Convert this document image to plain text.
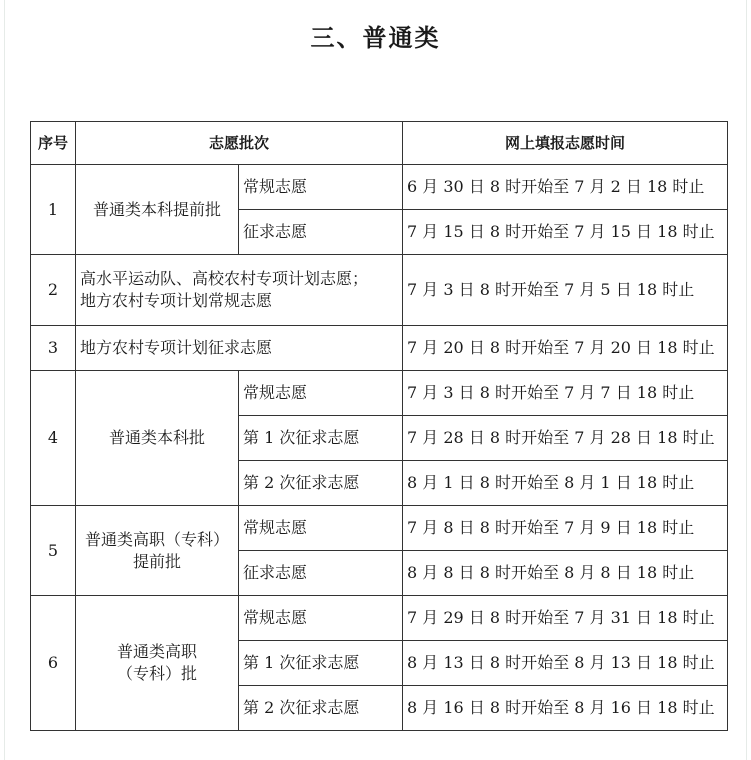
三、普通类
序号	志愿批次		网上填报志愿时间
1	普通类本科提前批	常规志愿	6 月 30 日 8 时开始至 7 月 2 日 18 时止
		征求志愿	7 月 15 日 8 时开始至 7 月 15 日 18 时止
2	高水平运动队、高校农村专项计划志愿；
地方农村专项计划常规志愿		7 月 3 日 8 时开始至 7 月 5 日 18 时止
3	地方农村专项计划征求志愿		7 月 20 日 8 时开始至 7 月 20 日 18 时止
4	普通类本科批	常规志愿	7 月 3 日 8 时开始至 7 月 7 日 18 时止
		第 1 次征求志愿	7 月 28 日 8 时开始至 7 月 28 日 18 时止
		第 2 次征求志愿	8 月 1 日 8 时开始至 8 月 1 日 18 时止
5	普通类高职（专科）
提前批	常规志愿	7 月 8 日 8 时开始至 7 月 9 日 18 时止
		征求志愿	8 月 8 日 8 时开始至 8 月 8 日 18 时止
6	普通类高职
（专科）批	常规志愿	7 月 29 日 8 时开始至 7 月 31 日 18 时止
		第 1 次征求志愿	8 月 13 日 8 时开始至 8 月 13 日 18 时止
		第 2 次征求志愿	8 月 16 日 8 时开始至 8 月 16 日 18 时止
